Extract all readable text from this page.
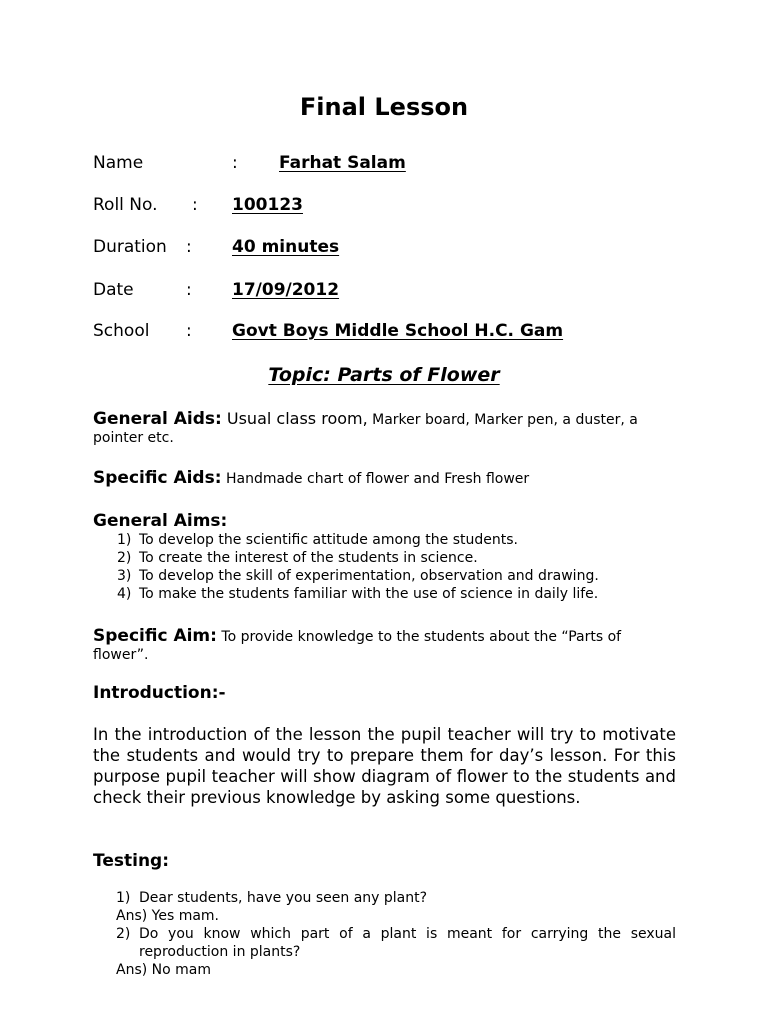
Final Lesson
Name	: Farhat Salam
Roll No. : 100123
Duration : 40 minutes
Date	: 17/09/2012
School : Govt Boys Middle School H.C. Gam
Topic: Parts of Flower
General Aids: Usual class room, Marker board, Marker pen, a duster, a pointer etc.
Specific Aids: Handmade chart of flower and Fresh flower
General Aims:
1) To develop the scientific attitude among the students.
2) To create the interest of the students in science.
3) To develop the skill of experimentation, observation and drawing.
4) To make the students familiar with the use of science in daily life.
Specific Aim: To provide knowledge to the students about the “Parts of flower”.
Introduction:-
In the introduction of the lesson the pupil teacher will try to motivate the students and would try to prepare them for day’s lesson. For this purpose pupil teacher will show diagram of flower to the students and check their previous knowledge by asking some questions.
Testing:
1) Dear students, have you seen any plant?
Ans) Yes mam.
2) Do you know which part of a plant is meant for carrying the sexual reproduction in plants?
Ans) No mam
